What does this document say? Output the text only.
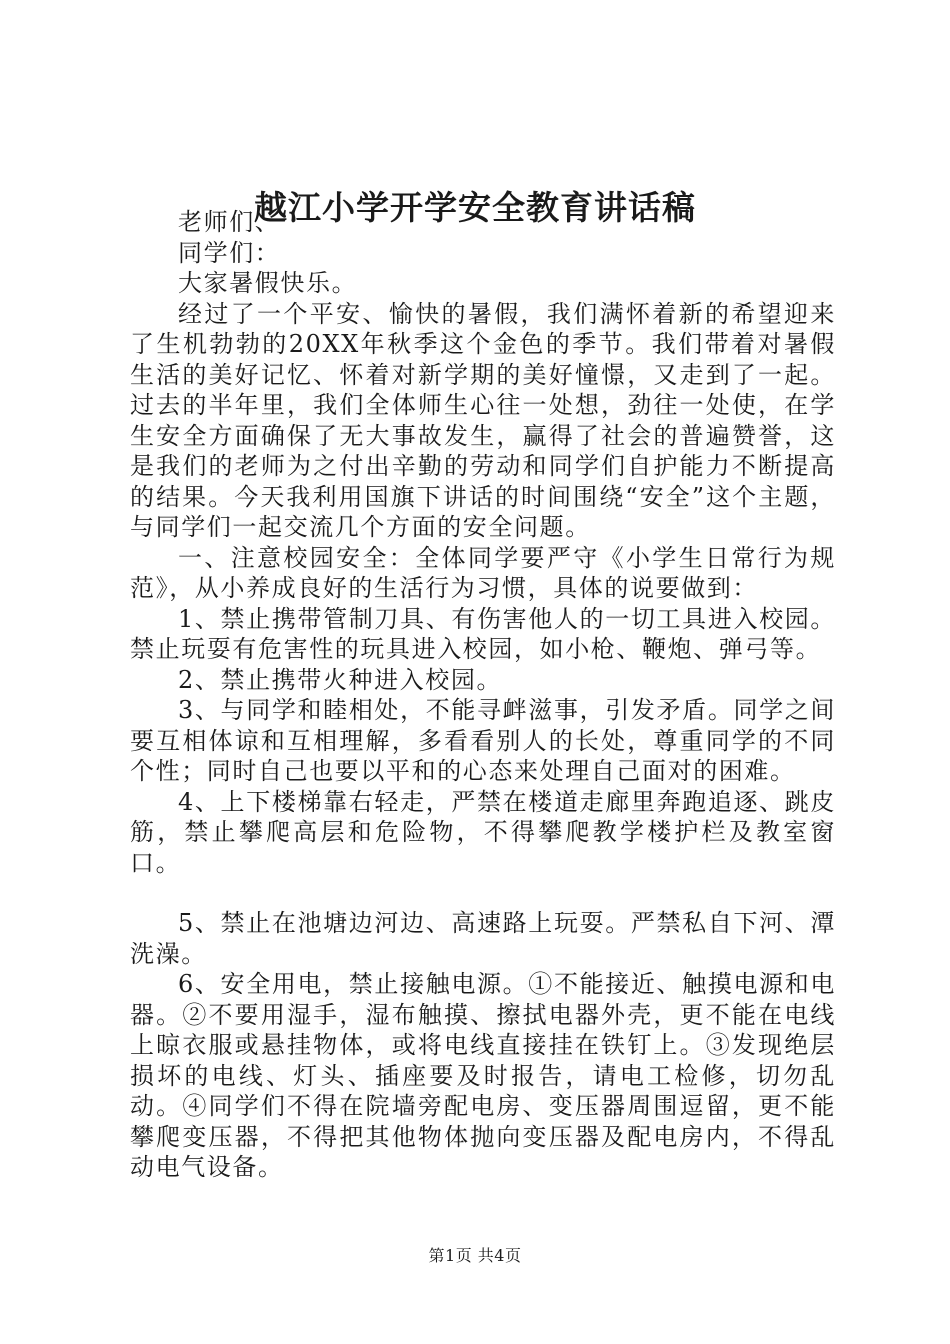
越江小学开学安全教育讲话稿

老师们、

同学们：

大家暑假快乐。

经过了一个平安、愉快的暑假，我们满怀着新的希望迎来了生机勃勃的20XX年秋季这个金色的季节。我们带着对暑假生活的美好记忆、怀着对新学期的美好憧憬，又走到了一起。过去的半年里，我们全体师生心往一处想，劲往一处使，在学生安全方面确保了无大事故发生，赢得了社会的普遍赞誉，这是我们的老师为之付出辛勤的劳动和同学们自护能力不断提高的结果。今天我利用国旗下讲话的时间围绕“安全”这个主题，与同学们一起交流几个方面的安全问题。

一、注意校园安全：全体同学要严守《小学生日常行为规范》，从小养成良好的生活行为习惯，具体的说要做到：

1、禁止携带管制刀具、有伤害他人的一切工具进入校园。禁止玩耍有危害性的玩具进入校园，如小枪、鞭炮、弹弓等。

2、禁止携带火种进入校园。

3、与同学和睦相处，不能寻衅滋事，引发矛盾。同学之间要互相体谅和互相理解，多看看别人的长处，尊重同学的不同个性；同时自己也要以平和的心态来处理自己面对的困难。

4、上下楼梯靠右轻走，严禁在楼道走廊里奔跑追逐、跳皮筋，禁止攀爬高层和危险物，不得攀爬教学楼护栏及教室窗口。

5、禁止在池塘边河边、高速路上玩耍。严禁私自下河、潭洗澡。

6、安全用电，禁止接触电源。①不能接近、触摸电源和电器。②不要用湿手，湿布触摸、擦拭电器外壳，更不能在电线上晾衣服或悬挂物体，或将电线直接挂在铁钉上。③发现绝层损坏的电线、灯头、插座要及时报告，请电工检修，切勿乱动。④同学们不得在院墙旁配电房、变压器周围逗留，更不能攀爬变压器，不得把其他物体抛向变压器及配电房内，不得乱动电气设备。

第1页 共4页
